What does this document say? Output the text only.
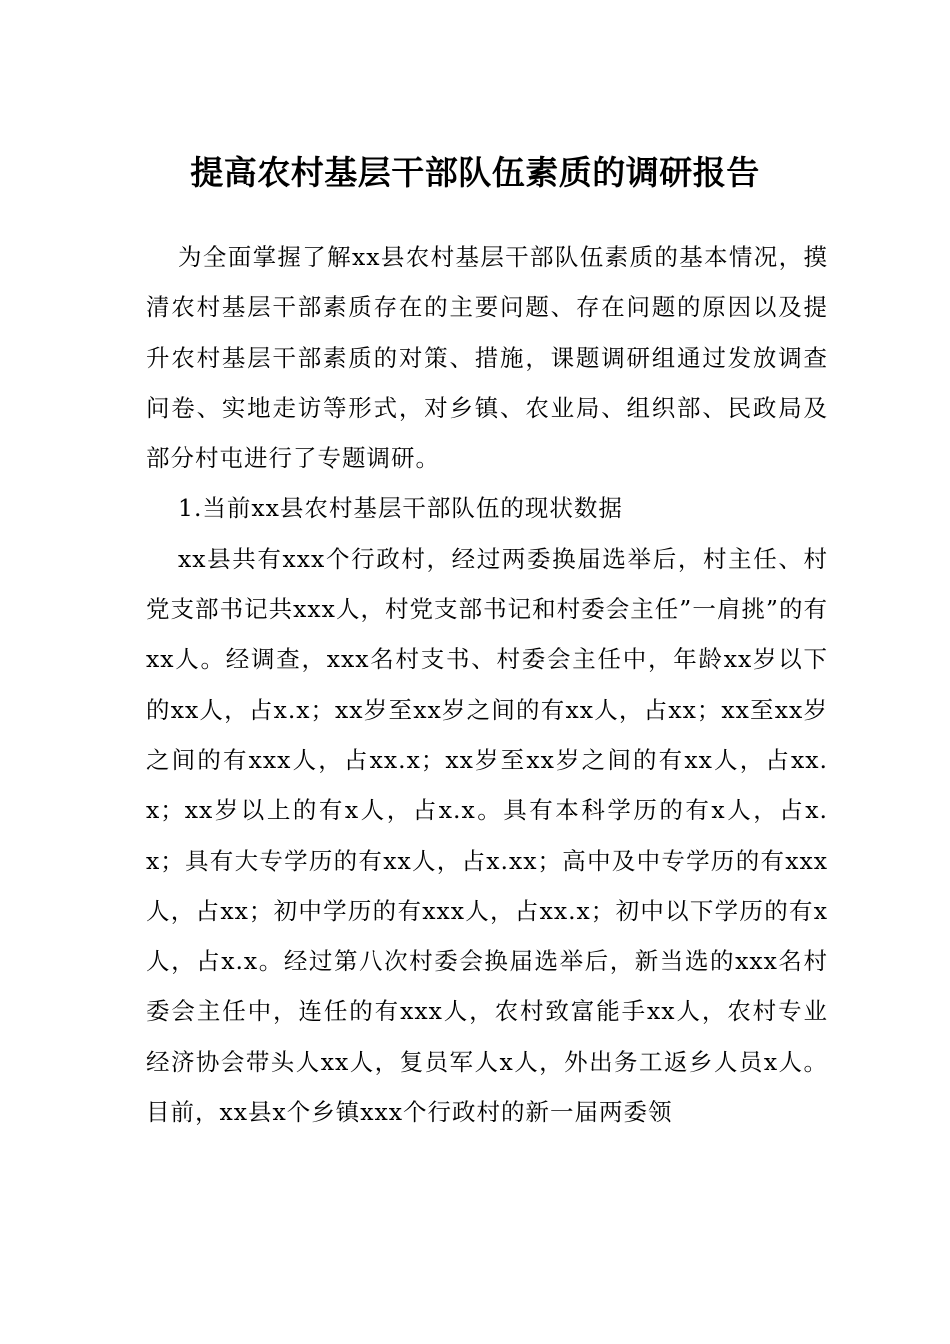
提高农村基层干部队伍素质的调研报告

为全面掌握了解xx县农村基层干部队伍素质的基本情况，摸清农村基层干部素质存在的主要问题、存在问题的原因以及提升农村基层干部素质的对策、措施，课题调研组通过发放调查问卷、实地走访等形式，对乡镇、农业局、组织部、民政局及部分村屯进行了专题调研。

1.当前xx县农村基层干部队伍的现状数据

xx县共有xxx个行政村，经过两委换届选举后，村主任、村党支部书记共xxx人，村党支部书记和村委会主任”一肩挑”的有xx人。经调查，xxx名村支书、村委会主任中，年龄xx岁以下的xx人，占x.x；xx岁至xx岁之间的有xx人，占xx；xx至xx岁之间的有xxx人，占xx.x；xx岁至xx岁之间的有xx人，占xx.x；xx岁以上的有x人，占x.x。具有本科学历的有x人，占x.x；具有大专学历的有xx人，占x.xx；高中及中专学历的有xxx人，占xx；初中学历的有xxx人，占xx.x；初中以下学历的有x人，占x.x。经过第八次村委会换届选举后，新当选的xxx名村委会主任中，连任的有xxx人，农村致富能手xx人，农村专业经济协会带头人xx人，复员军人x人，外出务工返乡人员x人。目前，xx县x个乡镇xxx个行政村的新一届两委领
